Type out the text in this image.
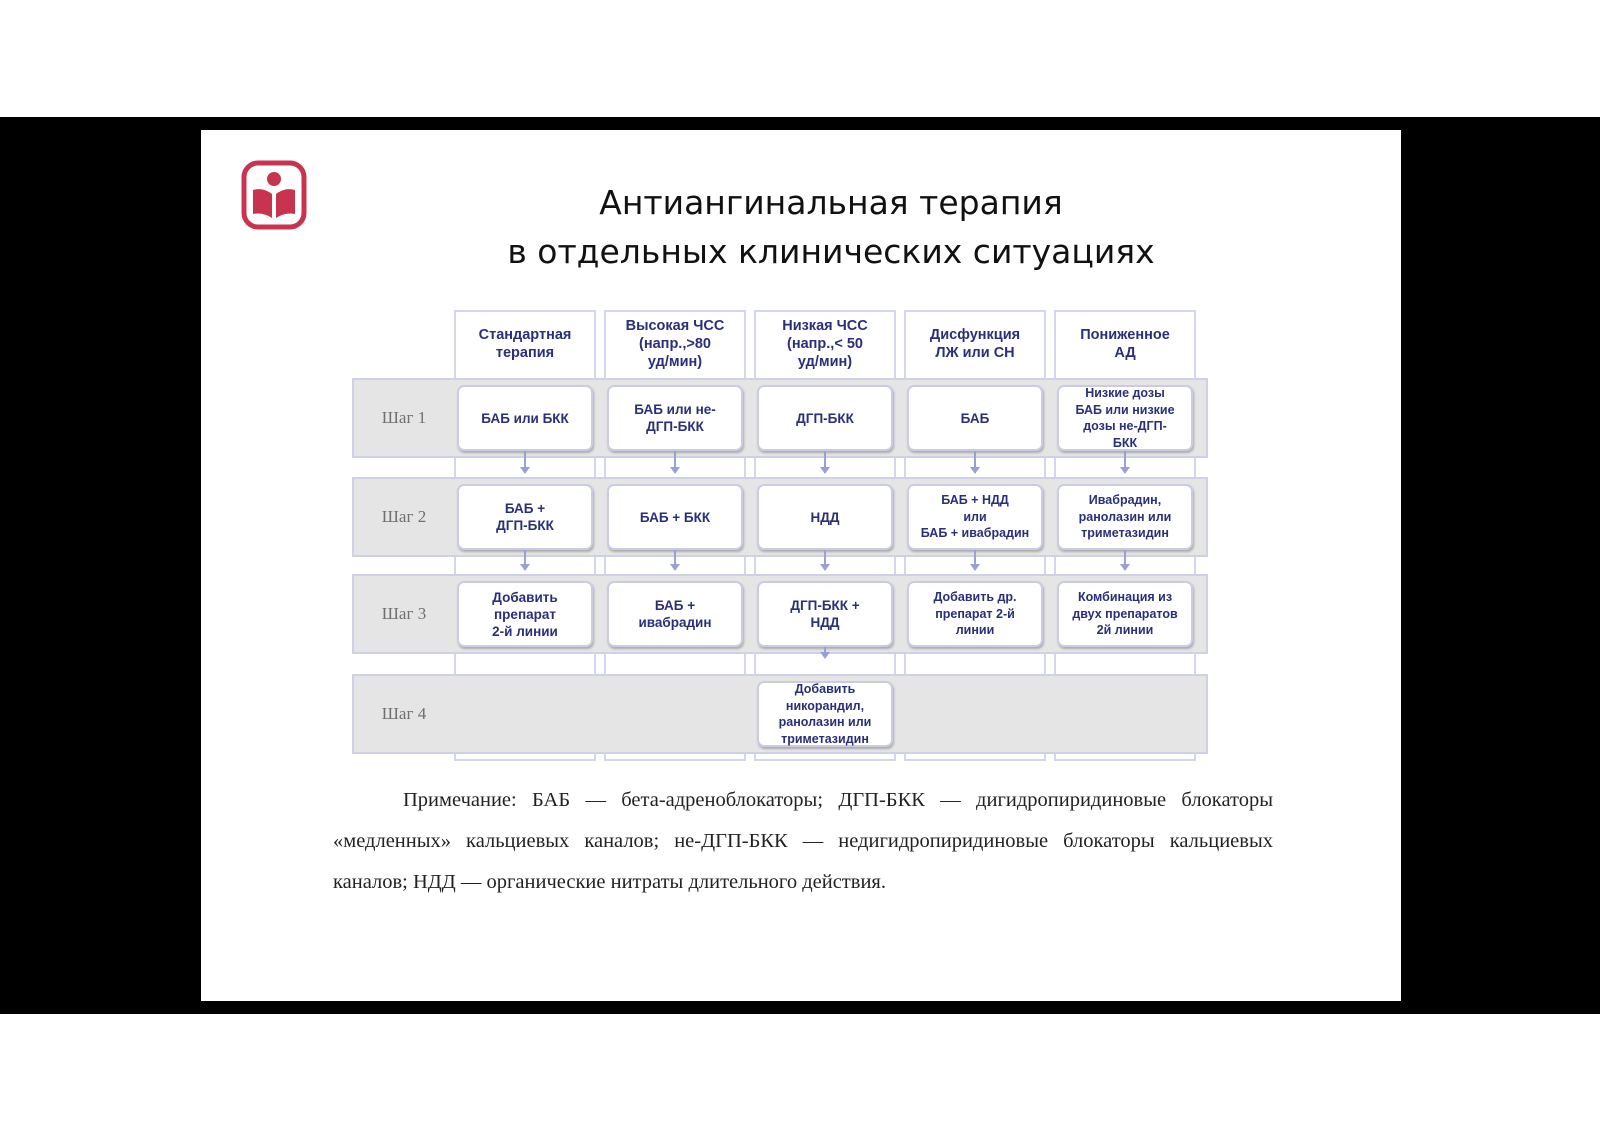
Антиангинальная терапия
в отдельных клинических ситуациях
Стандартная
терапия
Высокая ЧСС
(напр.,>80
уд/мин)
Низкая ЧСС
(напр.,< 50
уд/мин)
Дисфункция
ЛЖ или СН
Пониженное
АД
Шаг 1
Шаг 2
Шаг 3
Шаг 4
БАБ или БКК
БАБ или не-
ДГП-БКК
ДГП-БКК	БАБ
Низкие дозы
БАБ или низкие
дозы не-ДГП-
БКК
БАБ +
ДГП-БКК
БАБ + БКК	НДД
БАБ + НДД
или
БАБ + ивабрадин
Ивабрадин,
ранолазин или
триметазидин
Добавить
препарат
2-й линии
БАБ +
ивабрадин
ДГП-БКК +
НДД
Добавить др.
препарат 2-й
линии
Комбинация из
двух препаратов
2й линии
Добавить
никорандил,
ранолазин или
триметазидин

Примечание: БАБ — бета-адреноблокаторы; ДГП-БКК — дигидропиридиновые блокаторы «медленных» кальциевых каналов; не-ДГП-БКК — недигидропиридиновые блокаторы кальциевых каналов; НДД — органические нитраты длительного действия.
